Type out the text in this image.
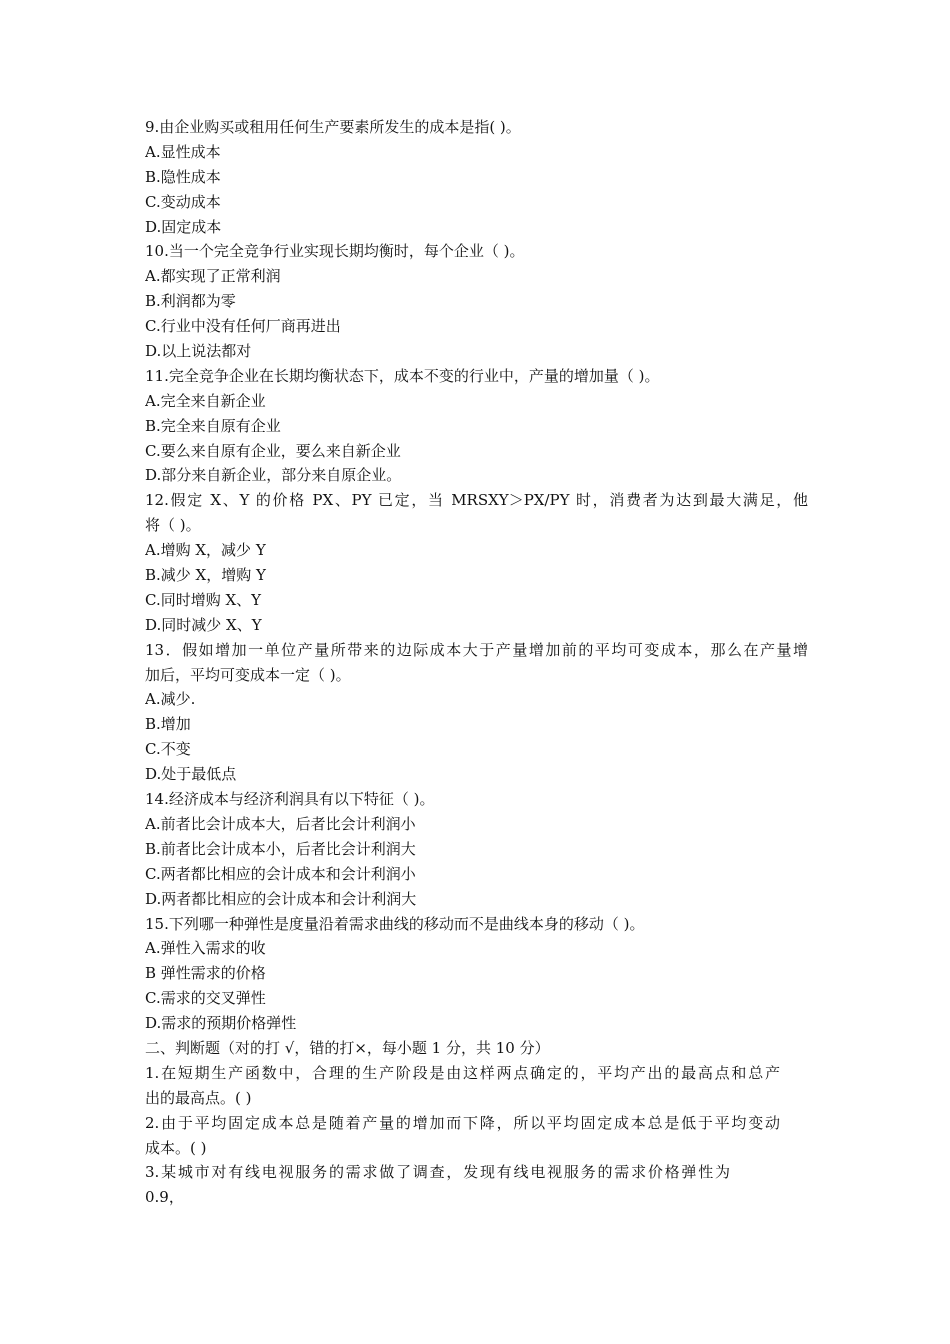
9.由企业购买或租用任何生产要素所发生的成本是指( )。
A.显性成本
B.隐性成本
C.变动成本
D.固定成本
10.当一个完全竞争行业实现长期均衡时，每个企业（ )。
A.都实现了正常利润
B.利润都为零
C.行业中没有任何厂商再进出
D.以上说法都对
11.完全竞争企业在长期均衡状态下，成本不变的行业中，产量的增加量（ )。
A.完全来自新企业
B.完全来自原有企业
C.要么来自原有企业，要么来自新企业
D.部分来自新企业，部分来自原企业。
12.假定 X、Y 的价格 PX、PY 已定，当 MRSXY＞PX/PY 时，消费者为达到最大满足，他
将（ )。
A.增购 X，减少 Y
B.减少 X，增购 Y
C.同时增购 X、Y
D.同时减少 X、Y
13．假如增加一单位产量所带来的边际成本大于产量增加前的平均可变成本，那么在产量增
加后，平均可变成本一定（ )。
A.减少.
B.增加
C.不变
D.处于最低点
14.经济成本与经济利润具有以下特征（ )。
A.前者比会计成本大，后者比会计利润小
B.前者比会计成本小，后者比会计利润大
C.两者都比相应的会计成本和会计利润小
D.两者都比相应的会计成本和会计利润大
15.下列哪一种弹性是度量沿着需求曲线的移动而不是曲线本身的移动（ )。
A.弹性入需求的收
B 弹性需求的价格
C.需求的交叉弹性
D.需求的预期价格弹性
二、判断题（对的打 √，错的打×，每小题 1 分，共 10 分）
1.在短期生产函数中，合理的生产阶段是由这样两点确定的，平均产出的最高点和总产
出的最高点。( )
2.由于平均固定成本总是随着产量的增加而下降，所以平均固定成本总是低于平均变动
成本。( )
3.某城市对有线电视服务的需求做了调查，发现有线电视服务的需求价格弹性为
0.9，
